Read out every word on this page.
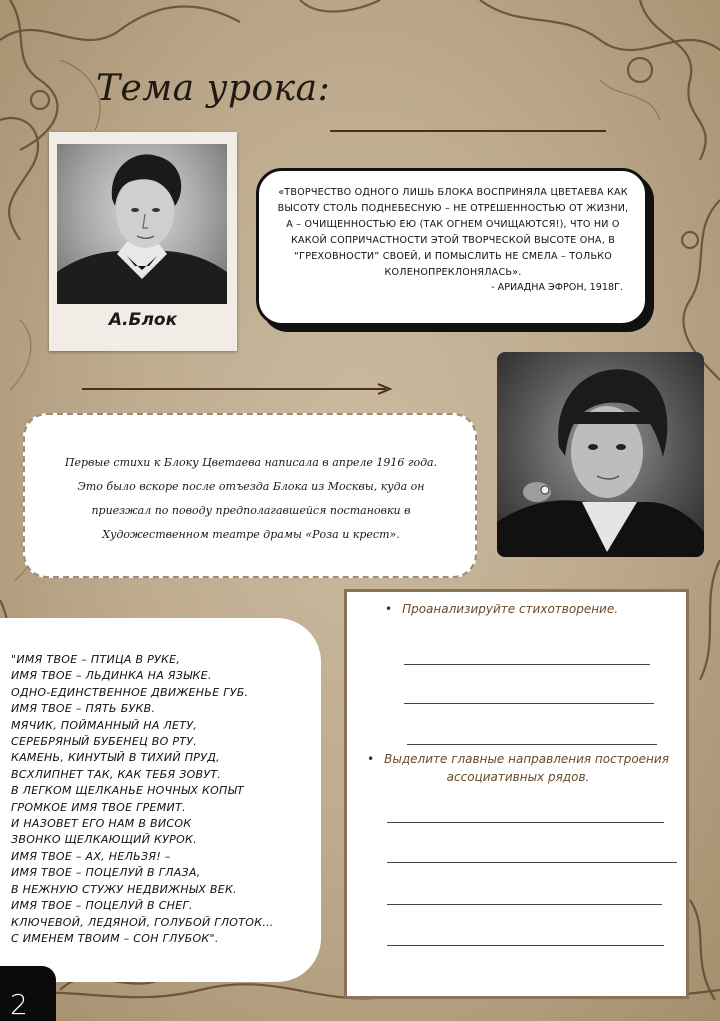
Тема урока:
А.Блок
«ТВОРЧЕСТВО ОДНОГО ЛИШЬ БЛОКА ВОСПРИНЯЛА ЦВЕТАЕВА КАК ВЫСОТУ СТОЛЬ ПОДНЕБЕСНУЮ – НЕ ОТРЕШЕННОСТЬЮ ОТ ЖИЗНИ, А – ОЧИЩЕННОСТЬЮ ЕЮ (ТАК ОГНЕМ ОЧИЩАЮТСЯ!), ЧТО НИ О КАКОЙ СОПРИЧАСТНОСТИ ЭТОЙ ТВОРЧЕСКОЙ ВЫСОТЕ ОНА, В “ГРЕХОВНОСТИ” СВОЕЙ, И ПОМЫСЛИТЬ НЕ СМЕЛА – ТОЛЬКО КОЛЕНОПРЕКЛОНЯЛАСЬ».
- АРИАДНА ЭФРОН, 1918Г.
Первые стихи к Блоку Цветаева написала в апреле 1916 года. Это было вскоре после отъезда Блока из Москвы, куда он приезжал по поводу предполагавшейся постановки в Художественном театре драмы «Роза и крест».
"ИМЯ ТВОЕ – ПТИЦА В РУКЕ,
ИМЯ ТВОЕ – ЛЬДИНКА НА ЯЗЫКЕ.
ОДНО-ЕДИНСТВЕННОЕ ДВИЖЕНЬЕ ГУБ.
ИМЯ ТВОЕ – ПЯТЬ БУКВ.
МЯЧИК, ПОЙМАННЫЙ НА ЛЕТУ,
СЕРЕБРЯНЫЙ БУБЕНЕЦ ВО РТУ.
КАМЕНЬ, КИНУТЫЙ В ТИХИЙ ПРУД,
ВСХЛИПНЕТ ТАК, КАК ТЕБЯ ЗОВУТ.
В ЛЕГКОМ ЩЕЛКАНЬЕ НОЧНЫХ КОПЫТ
ГРОМКОЕ ИМЯ ТВОЕ ГРЕМИТ.
И НАЗОВЕТ ЕГО НАМ В ВИСОК
ЗВОНКО ЩЕЛКАЮЩИЙ КУРОК.
ИМЯ ТВОЕ – АХ, НЕЛЬЗЯ! –
ИМЯ ТВОЕ – ПОЦЕЛУЙ В ГЛАЗА,
В НЕЖНУЮ СТУЖУ НЕДВИЖНЫХ ВЕК.
ИМЯ ТВОЕ – ПОЦЕЛУЙ В СНЕГ.
КЛЮЧЕВОЙ, ЛЕДЯНОЙ, ГОЛУБОЙ ГЛОТОК…
С ИМЕНЕМ ТВОИМ – СОН ГЛУБОК".
• Проанализируйте стихотворение.
• Выделите главные направления построения ассоциативных рядов.
2
